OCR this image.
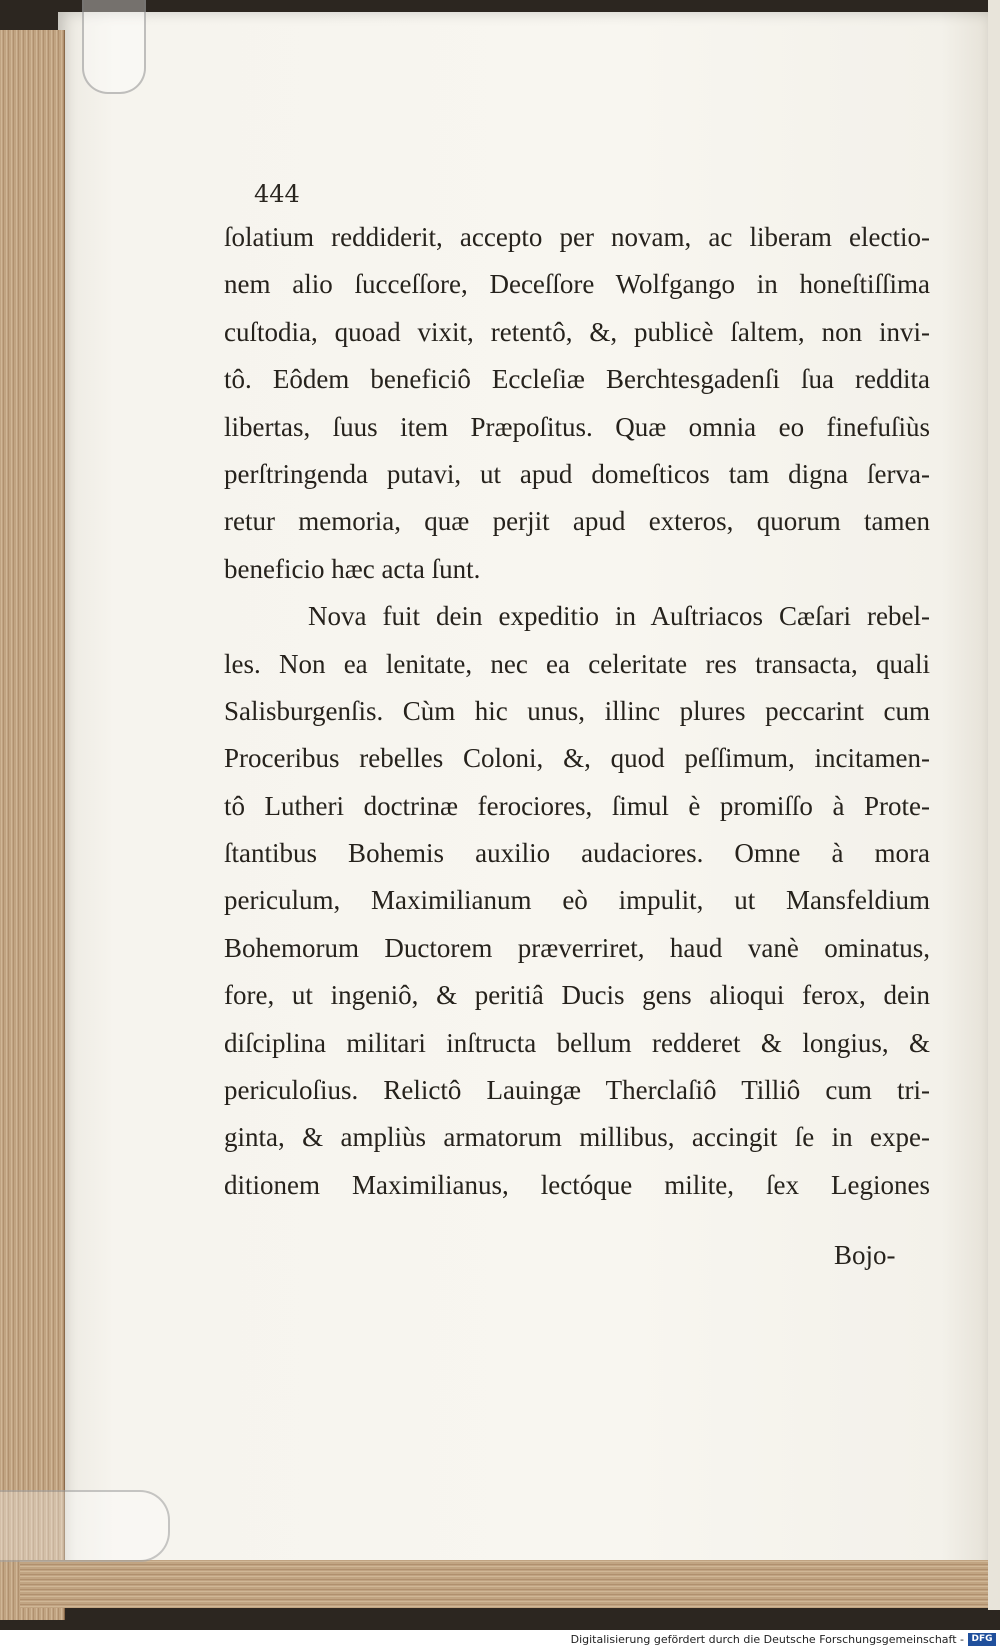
444
ſolatium reddiderit, accepto per novam, ac liberam electio-
nem alio ſucceſſore, Deceſſore Wolfgango in honeſtiſſima
cuſtodia, quoad vixit, retentô, &, publicè ſaltem, non invi-
tô. Eôdem beneficiô Eccleſiæ Berchtesgadenſi ſua reddita
libertas, ſuus item Præpoſitus. Quæ omnia eo finefuſiùs
perſtringenda putavi, ut apud domeſticos tam digna ſerva-
retur memoria, quæ perjit apud exteros, quorum tamen
beneficio hæc acta ſunt.
Nova fuit dein expeditio in Auſtriacos Cæſari rebel-
les. Non ea lenitate, nec ea celeritate res transacta, quali
Salisburgenſis. Cùm hic unus, illinc plures peccarint cum
Proceribus rebelles Coloni, &, quod peſſimum, incitamen-
tô Lutheri doctrinæ ferociores, ſimul è promiſſo à Prote-
ſtantibus Bohemis auxilio audaciores. Omne à mora
periculum, Maximilianum eò impulit, ut Mansfeldium
Bohemorum Ductorem præverriret, haud vanè ominatus,
fore, ut ingeniô, & peritiâ Ducis gens alioqui ferox, dein
diſciplina militari inſtructa bellum redderet & longius, &
periculoſius. Relictô Lauingæ Therclaſiô Tilliô cum tri-
ginta, & ampliùs armatorum millibus, accingit ſe in expe-
ditionem Maximilianus, lectóque milite, ſex Legiones
Bojo-
Digitalisierung gefördert durch die Deutsche Forschungsgemeinschaft - DFG
